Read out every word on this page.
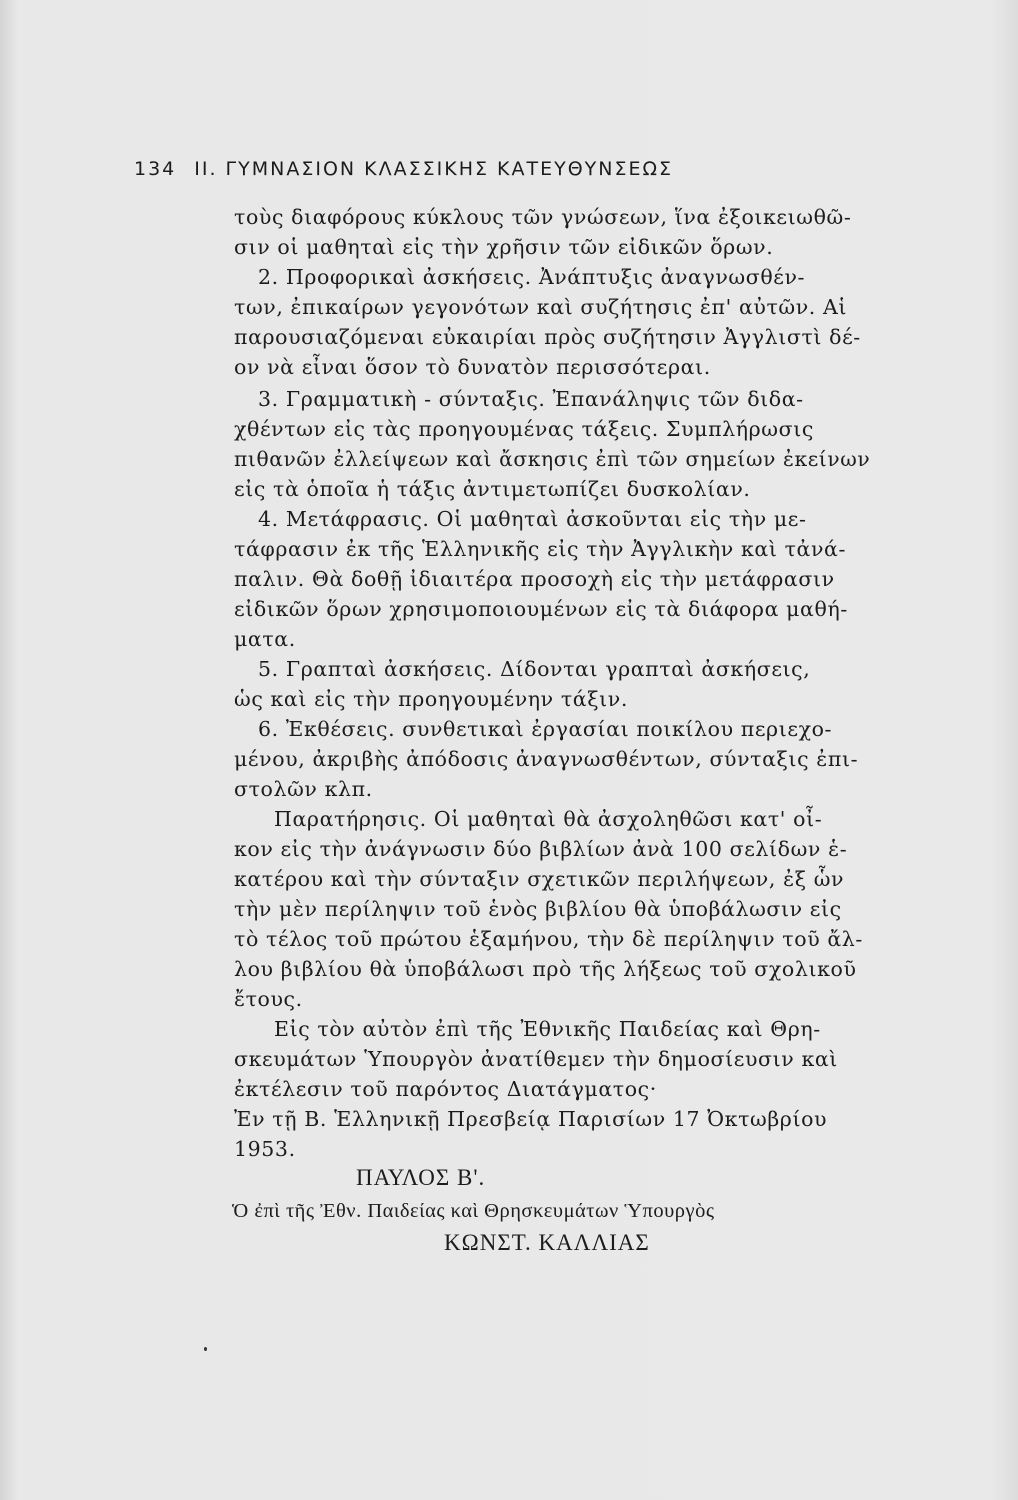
134 II. ΓΥΜΝΑΣΙΟΝ ΚΛΑΣΣΙΚΗΣ ΚΑΤΕΥΘΥΝΣΕΩΣ
τοὺς διαφόρους κύκλους τῶν γνώσεων, ἵνα ἐξοικειωθῶ-
σιν οἱ μαθηταὶ εἰς τὴν χρῆσιν τῶν εἰδικῶν ὅρων.
2. Προφορικαὶ ἀσκήσεις. Ἀνάπτυξις ἀναγνωσθέν-
των, ἐπικαίρων γεγονότων καὶ συζήτησις ἐπ' αὐτῶν. Αἱ
παρουσιαζόμεναι εὐκαιρίαι πρὸς συζήτησιν Ἀγγλιστὶ δέ-
ον νὰ εἶναι ὅσον τὸ δυνατὸν περισσότεραι.
3. Γραμματικὴ - σύνταξις. Ἐπανάληψις τῶν διδα-
χθέντων εἰς τὰς προηγουμένας τάξεις. Συμπλήρωσις
πιθανῶν ἐλλείψεων καὶ ἄσκησις ἐπὶ τῶν σημείων ἐκείνων
εἰς τὰ ὁποῖα ἡ τάξις ἀντιμετωπίζει δυσκολίαν.
4. Μετάφρασις. Οἱ μαθηταὶ ἀσκοῦνται εἰς τὴν με-
τάφρασιν ἐκ τῆς Ἑλληνικῆς εἰς τὴν Ἀγγλικὴν καὶ τἀνά-
παλιν. Θὰ δοθῇ ἰδιαιτέρα προσοχὴ εἰς τὴν μετάφρασιν
εἰδικῶν ὅρων χρησιμοποιουμένων εἰς τὰ διάφορα μαθή-
ματα.
5. Γραπταὶ ἀσκήσεις. Δίδονται γραπταὶ ἀσκήσεις,
ὡς καὶ εἰς τὴν προηγουμένην τάξιν.
6. Ἐκθέσεις. συνθετικαὶ ἐργασίαι ποικίλου περιεχο-
μένου, ἀκριβὴς ἀπόδοσις ἀναγνωσθέντων, σύνταξις ἐπι-
στολῶν κλπ.
Παρατήρησις. Οἱ μαθηταὶ θὰ ἀσχοληθῶσι κατ' οἶ-
κον εἰς τὴν ἀνάγνωσιν δύο βιβλίων ἀνὰ 100 σελίδων ἑ-
κατέρου καὶ τὴν σύνταξιν σχετικῶν περιλήψεων, ἐξ ὧν
τὴν μὲν περίληψιν τοῦ ἑνὸς βιβλίου θὰ ὑποβάλωσιν εἰς
τὸ τέλος τοῦ πρώτου ἑξαμήνου, τὴν δὲ περίληψιν τοῦ ἄλ-
λου βιβλίου θὰ ὑποβάλωσι πρὸ τῆς λήξεως τοῦ σχολικοῦ
ἔτους.
Εἰς τὸν αὐτὸν ἐπὶ τῆς Ἐθνικῆς Παιδείας καὶ Θρη-
σκευμάτων Ὑπουργὸν ἀνατίθεμεν τὴν δημοσίευσιν καὶ
ἐκτέλεσιν τοῦ παρόντος Διατάγματος·
Ἐν τῇ Β. Ἑλληνικῇ Πρεσβείᾳ Παρισίων 17 Ὀκτωβρίου
1953.
ΠΑΥΛΟΣ Β'.
Ὁ ἐπὶ τῆς Ἐθν. Παιδείας καὶ Θρησκευμάτων Ὑπουργὸς
ΚΩΝΣΤ. ΚΑΛΛΙΑΣ
